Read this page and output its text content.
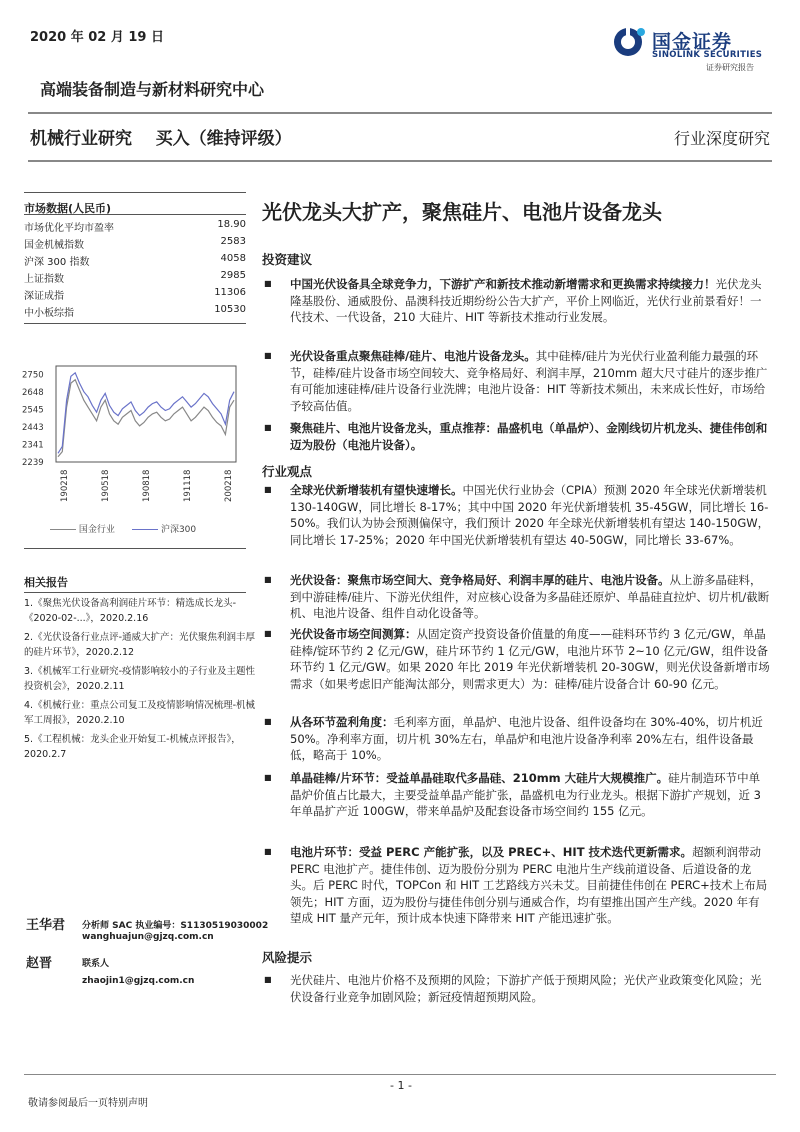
2020 年 02 月 19 日	国金证券
SINOLINK SECURITIES
证券研究报告
高端装备制造与新材料研究中心
机械行业研究    买入（维持评级）	行业深度研究
市场数据(人民币)
市场优化平均市盈率	18.90
国金机械指数	2583
沪深 300 指数	4058
上证指数	2985
深证成指	11306
中小板综指	10530
2750
2648
2545
2443
2341
2239
190218	190518	190818	191118	200218
国金行业	沪深300
相关报告
1.《聚焦光伏设备高利润硅片环节：精选成长龙头-《2020-02-...》，2020.2.16
2.《光伏设备行业点评-通威大扩产：光伏聚焦利润丰厚的硅片环节》，2020.2.12
3.《机械军工行业研究-疫情影响较小的子行业及主题性投资机会》，2020.2.11
4.《机械行业：重点公司复工及疫情影响情况梳理-机械军工周报》，2020.2.10
5.《工程机械：龙头企业开始复工-机械点评报告》，2020.2.7
王华君 分析师 SAC 执业编号：S1130519030002
wanghuajun@gjzq.com.cn
赵晋	联系人
zhaojin1@gjzq.com.cn
光伏龙头大扩产，聚焦硅片、电池片设备龙头
投资建议
■ 中国光伏设备具全球竞争力，下游扩产和新技术推动新增需求和更换需求持续接力！光伏龙头隆基股份、通威股份、晶澳科技近期纷纷公告大扩产，平价上网临近，光伏行业前景看好！一代技术、一代设备，210 大硅片、HIT 等新技术推动行业发展。

■ 光伏设备重点聚焦硅棒/硅片、电池片设备龙头。其中硅棒/硅片为光伏行业盈利能力最强的环节，硅棒/硅片设备市场空间较大、竞争格局好、利润丰厚，210mm 超大尺寸硅片的逐步推广有可能加速硅棒/硅片设备行业洗牌；电池片设备：HIT 等新技术频出，未来成长性好，市场给予较高估值。

■ 聚焦硅片、电池片设备龙头，重点推荐：晶盛机电（单晶炉）、金刚线切片机龙头、捷佳伟创和迈为股份（电池片设备）。

行业观点
■ 全球光伏新增装机有望快速增长。中国光伏行业协会（CPIA）预测 2020 年全球光伏新增装机 130-140GW，同比增长 8-17%；其中中国 2020 年光伏新增装机 35-45GW，同比增长 16-50%。我们认为协会预测偏保守，我们预计 2020 年全球光伏新增装机有望达 140-150GW，同比增长 17-25%；2020 年中国光伏新增装机有望达 40-50GW，同比增长 33-67%。

■ 光伏设备：聚焦市场空间大、竞争格局好、利润丰厚的硅片、电池片设备。从上游多晶硅料，到中游硅棒/硅片、下游光伏组件，对应核心设备为多晶硅还原炉、单晶硅直拉炉、切片机/截断机、电池片设备、组件自动化设备等。

■ 光伏设备市场空间测算：从固定资产投资设备价值量的角度——硅料环节约 3 亿元/GW，单晶硅棒/锭环节约 2 亿元/GW，硅片环节约 1 亿元/GW，电池片环节 2~10 亿元/GW，组件设备环节约 1 亿元/GW。如果 2020 年比 2019 年光伏新增装机 20-30GW，则光伏设备新增市场需求（如果考虑旧产能淘汰部分，则需求更大）为：硅棒/硅片设备合计 60-90 亿元。

■ 从各环节盈利角度：毛利率方面，单晶炉、电池片设备、组件设备均在 30%-40%，切片机近 50%。净利率方面，切片机 30%左右，单晶炉和电池片设备净利率 20%左右，组件设备最低，略高于 10%。

■ 单晶硅棒/片环节：受益单晶硅取代多晶硅、210mm 大硅片大规模推广。硅片制造环节中单晶炉价值占比最大，主要受益单晶产能扩张，晶盛机电为行业龙头。根据下游扩产规划，近 3 年单晶扩产近 100GW，带来单晶炉及配套设备市场空间约 155 亿元。

■ 电池片环节：受益 PERC 产能扩张，以及 PREC+、HIT 技术迭代更新需求。超额利润带动 PERC 电池扩产。捷佳伟创、迈为股份分别为 PERC 电池片生产线前道设备、后道设备的龙头。后 PERC 时代，TOPCon 和 HIT 工艺路线方兴未艾。目前捷佳伟创在 PERC+技术上布局领先；HIT 方面，迈为股份与捷佳伟创分别与通威合作，均有望推出国产生产线。2020 年有望成 HIT 量产元年，预计成本快速下降带来 HIT 产能迅速扩张。

风险提示
■ 光伏硅片、电池片价格不及预期的风险；下游扩产低于预期风险；光伏产业政策变化风险；光伏设备行业竞争加剧风险；新冠疫情超预期风险。

- 1 -
敬请参阅最后一页特别声明
